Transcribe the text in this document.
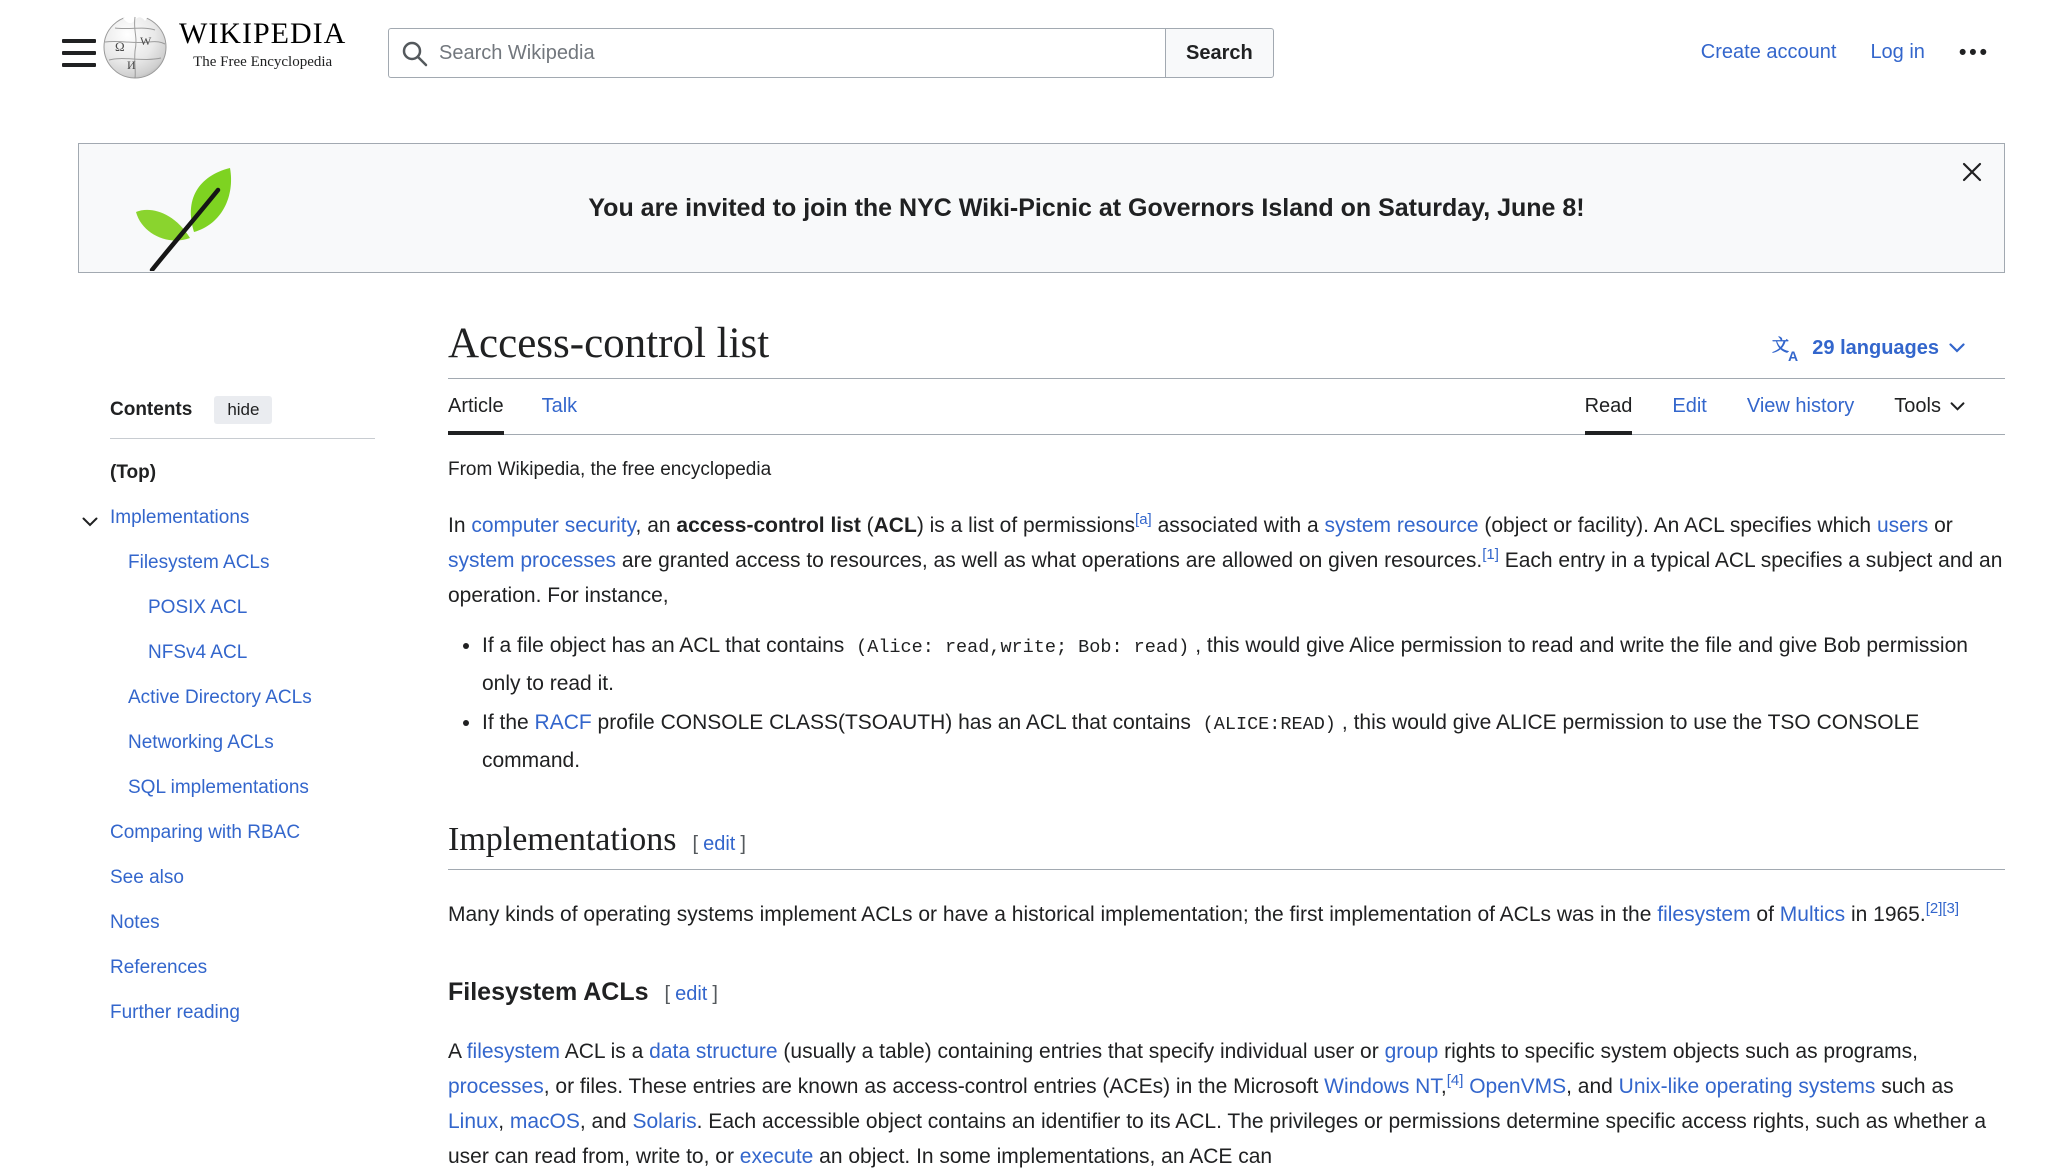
Ω W
И
WIKIPEDIA
The Free Encyclopedia
Search Wikipedia	Search	Create account Log in •••
You are invited to join the NYC Wiki-Picnic at Governors Island on Saturday, June 8!
Contents	hide
(Top)
Implementations
Filesystem ACLs
POSIX ACL
NFSv4 ACL
Active Directory ACLs
Networking ACLs
SQL implementations
Comparing with RBAC
See also
Notes
References
Further reading
Access-control list	文
A 29 languages
Article Talk	Read Edit View history Tools
From Wikipedia, the free encyclopedia
In computer security, an access-control list (ACL) is a list of permissions[a] associated with a system resource (object or facility). An ACL specifies which users or system processes are granted access to resources, as well as what operations are allowed on given resources.[1] Each entry in a typical ACL specifies a subject and an operation. For instance,
• If a file object has an ACL that contains (Alice: read,write; Bob: read) , this would give Alice permission to read and write the file and give Bob permission only to read it.
• If the RACF profile CONSOLE CLASS(TSOAUTH) has an ACL that contains (ALICE:READ) , this would give ALICE permission to use the TSO CONSOLE command.
Implementations [ edit ]
Many kinds of operating systems implement ACLs or have a historical implementation; the first implementation of ACLs was in the filesystem of Multics in 1965.[2][3]
Filesystem ACLs [ edit ]
A filesystem ACL is a data structure (usually a table) containing entries that specify individual user or group rights to specific system objects such as programs, processes, or files. These entries are known as access-control entries (ACEs) in the Microsoft Windows NT,[4] OpenVMS, and Unix-like operating systems such as Linux, macOS, and Solaris. Each accessible object contains an identifier to its ACL. The privileges or permissions determine specific access rights, such as whether a user can read from, write to, or execute an object. In some implementations, an ACE can
